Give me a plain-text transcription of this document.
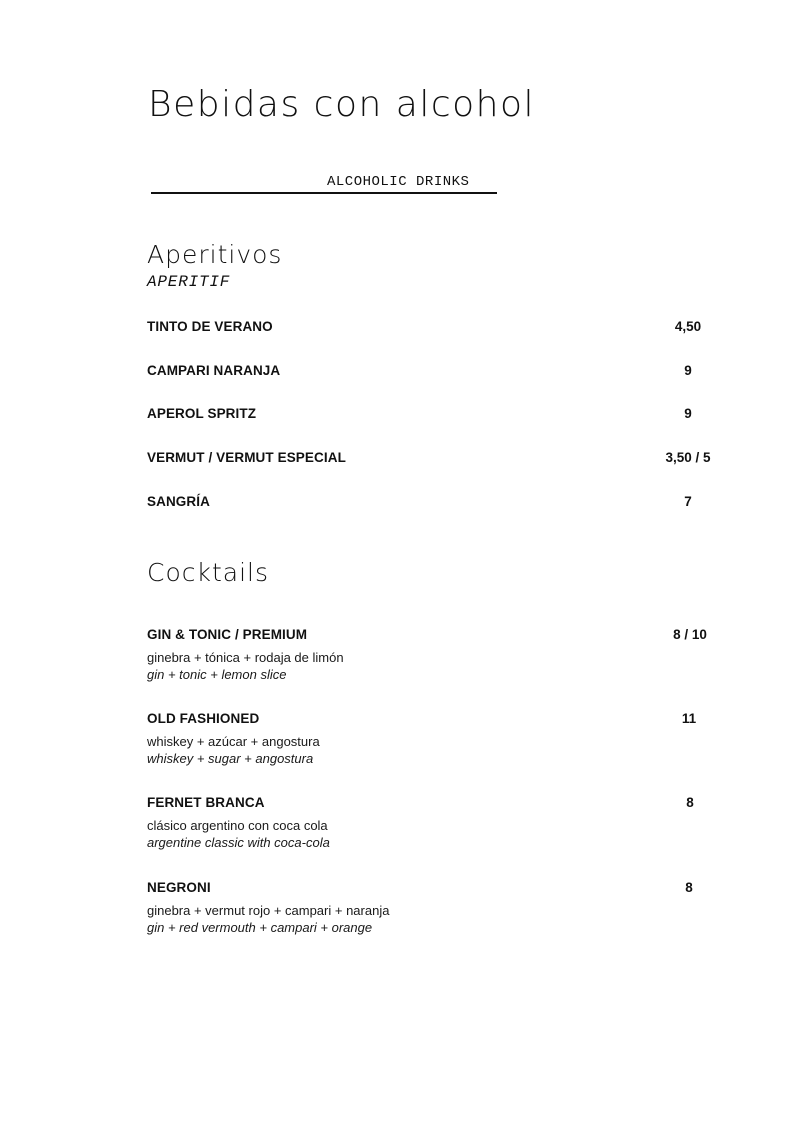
Bebidas con alcohol
ALCOHOLIC DRINKS
Aperitivos
APERITIF
TINTO DE VERANO	4,50
CAMPARI NARANJA	9
APEROL SPRITZ	9
VERMUT / VERMUT ESPECIAL	3,50 / 5
SANGRÍA	7
Cocktails
GIN & TONIC / PREMIUM	8 / 10
ginebra + tónica + rodaja de limón
gin + tonic + lemon slice
OLD FASHIONED	11
whiskey + azúcar + angostura
whiskey + sugar + angostura
FERNET BRANCA	8
clásico argentino con coca cola
argentine classic with coca-cola
NEGRONI	8
ginebra + vermut rojo + campari + naranja
gin + red vermouth + campari + orange
